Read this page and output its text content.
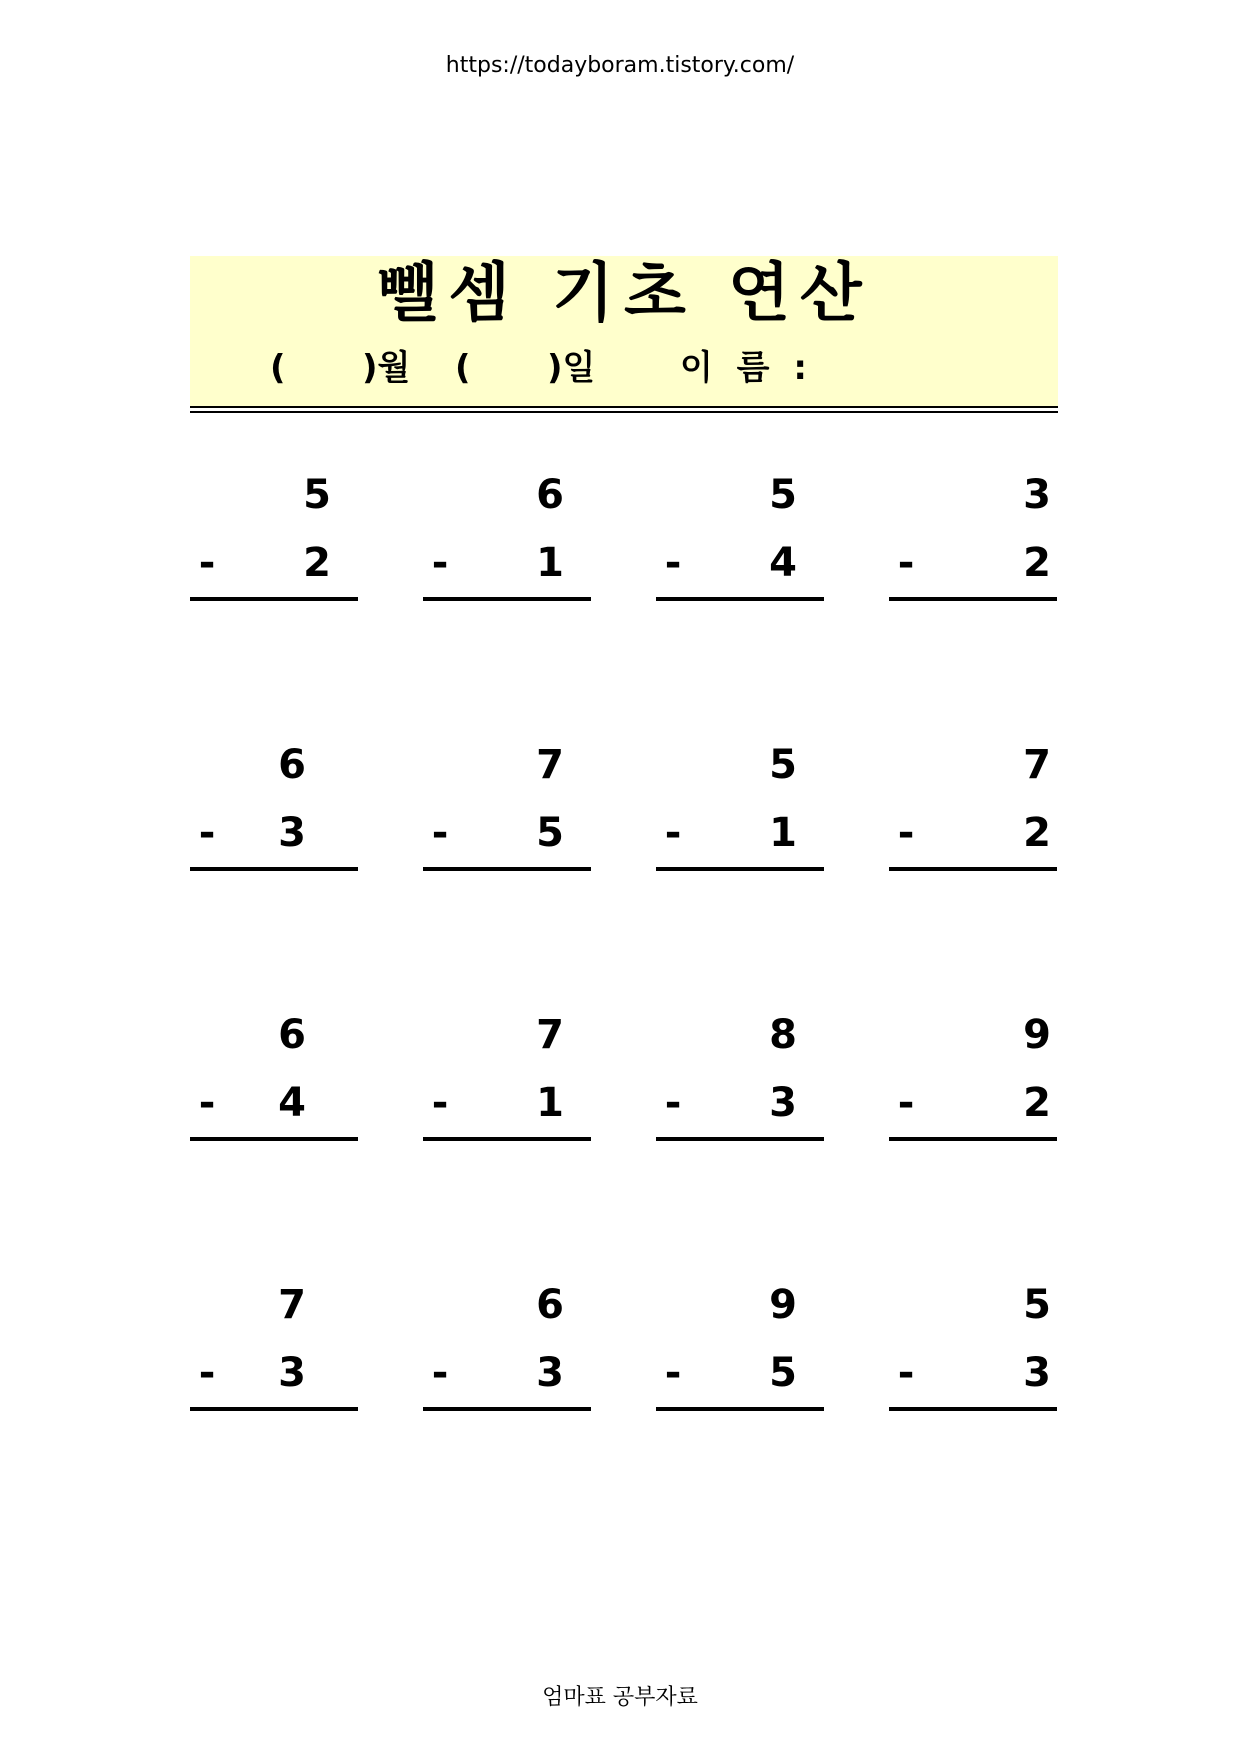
https://todayboram.tistory.com/
뺄셈 기초 연산
( )월 ( )일 이 름 :
5
- 2
6
- 1
5
- 4
3
-	2
6
- 3
7
- 5
5
- 1
7
-	2
6
- 4
7
- 1
8
- 3
9
-	2
7
- 3
6
- 3
9
- 5
5
-	3
엄마표 공부자료
